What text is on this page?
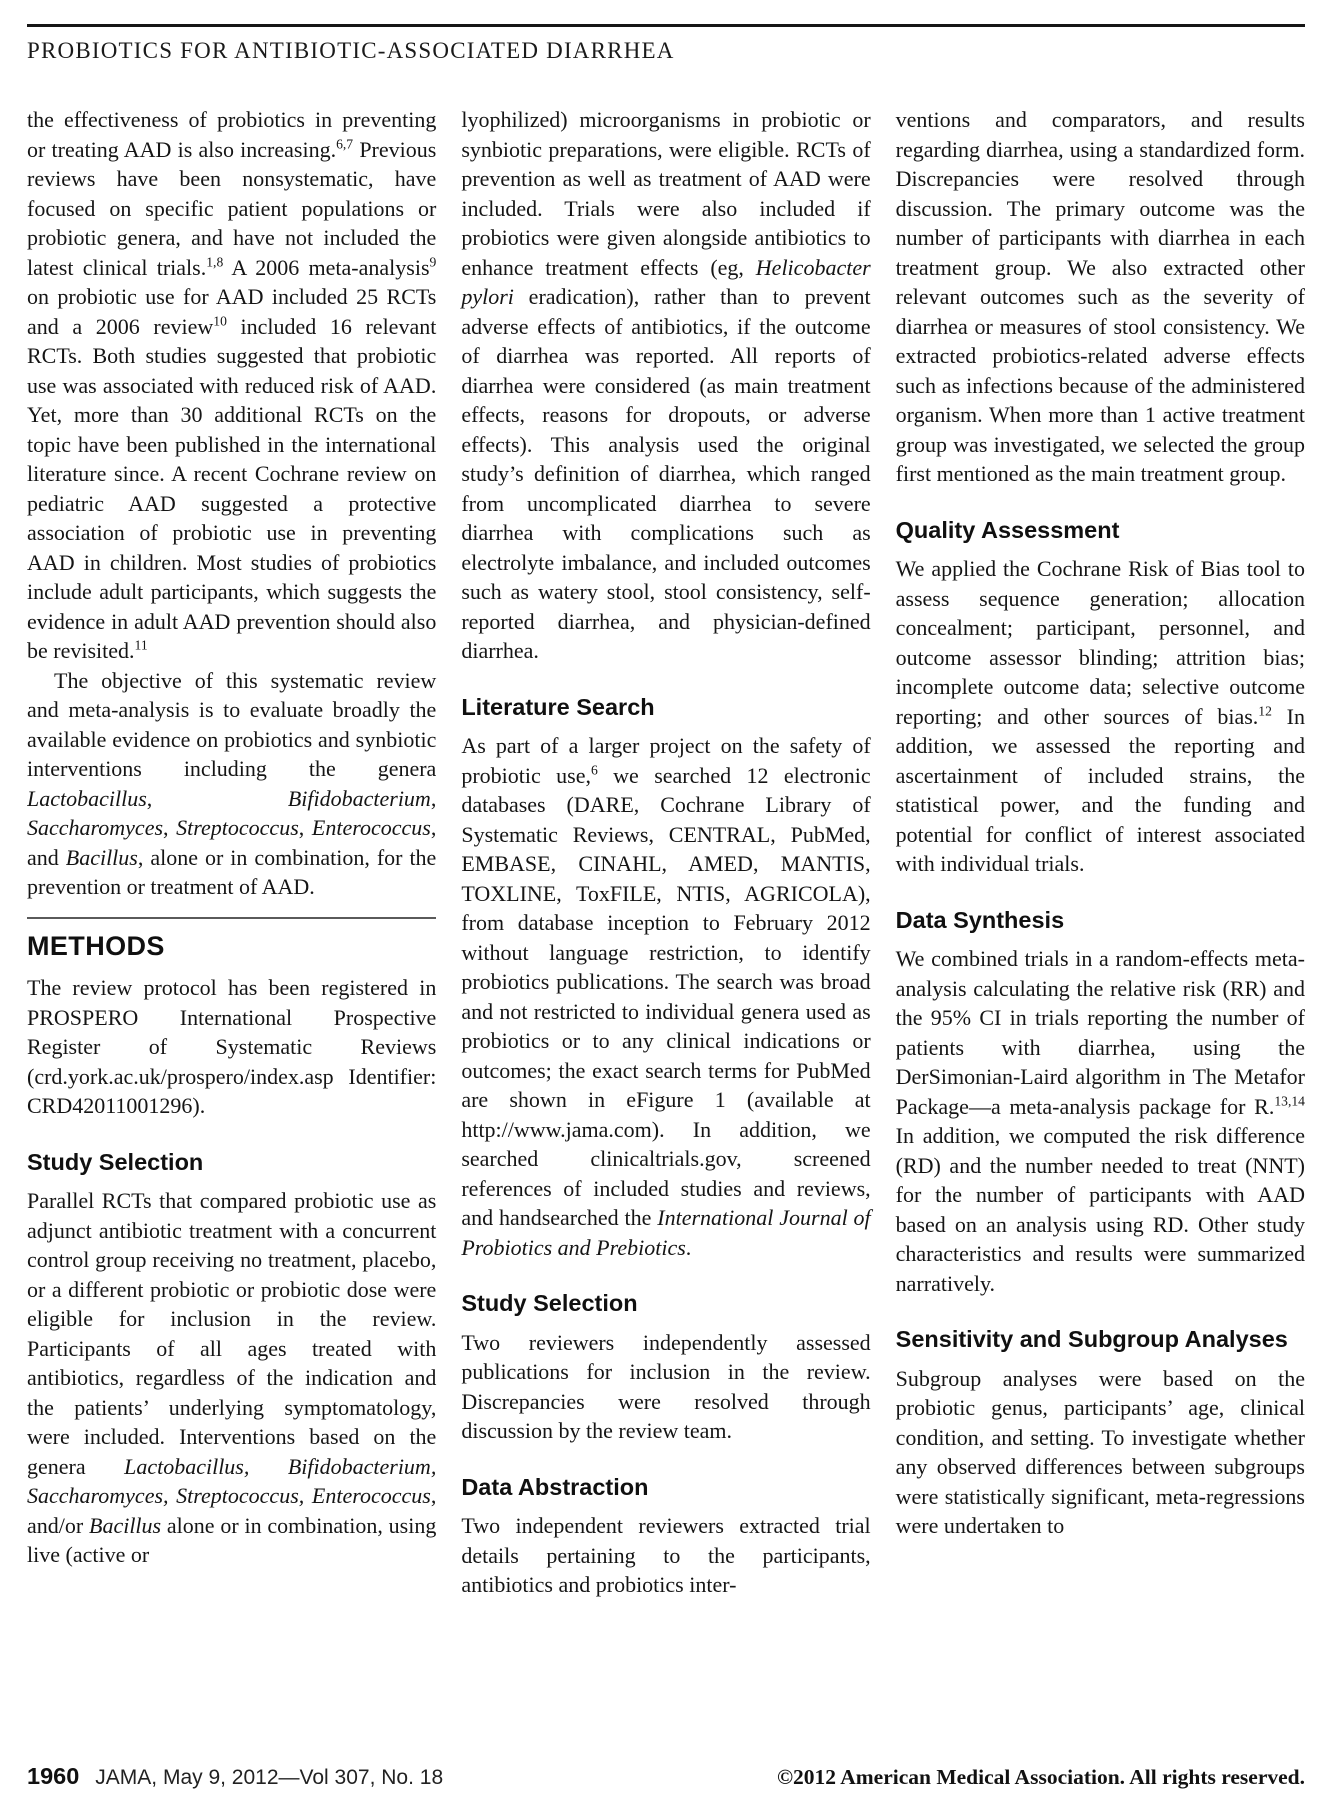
PROBIOTICS FOR ANTIBIOTIC-ASSOCIATED DIARRHEA

the effectiveness of probiotics in preventing or treating AAD is also increasing.$^{6,7}$ Previous reviews have been nonsystematic, have focused on specific patient populations or probiotic genera, and have not included the latest clinical trials.$^{1,8}$ A 2006 meta-analysis$^9$ on probiotic use for AAD included 25 RCTs and a 2006 review$^{10}$ included 16 relevant RCTs. Both studies suggested that probiotic use was associated with reduced risk of AAD. Yet, more than 30 additional RCTs on the topic have been published in the international literature since. A recent Cochrane review on pediatric AAD suggested a protective association of probiotic use in preventing AAD in children. Most studies of probiotics include adult participants, which suggests the evidence in adult AAD prevention should also be revisited.$^{11}$

The objective of this systematic review and meta-analysis is to evaluate broadly the available evidence on probiotics and synbiotic interventions including the genera Lactobacillus, Bifidobacterium, Saccharomyces, Streptococcus, Enterococcus, and Bacillus, alone or in combination, for the prevention or treatment of AAD.

METHODS

The review protocol has been registered in PROSPERO International Prospective Register of Systematic Reviews (crd.york.ac.uk/prospero/index.asp Identifier: CRD42011001296).

Study Selection

Parallel RCTs that compared probiotic use as adjunct antibiotic treatment with a concurrent control group receiving no treatment, placebo, or a different probiotic or probiotic dose were eligible for inclusion in the review. Participants of all ages treated with antibiotics, regardless of the indication and the patients’ underlying symptomatology, were included. Interventions based on the genera Lactobacillus, Bifidobacterium, Saccharomyces, Streptococcus, Enterococcus, and/or Bacillus alone or in combination, using live (active or

lyophilized) microorganisms in probiotic or synbiotic preparations, were eligible. RCTs of prevention as well as treatment of AAD were included. Trials were also included if probiotics were given alongside antibiotics to enhance treatment effects (eg, Helicobacter pylori eradication), rather than to prevent adverse effects of antibiotics, if the outcome of diarrhea was reported. All reports of diarrhea were considered (as main treatment effects, reasons for dropouts, or adverse effects). This analysis used the original study’s definition of diarrhea, which ranged from uncomplicated diarrhea to severe diarrhea with complications such as electrolyte imbalance, and included outcomes such as watery stool, stool consistency, self-reported diarrhea, and physician-defined diarrhea.

Literature Search

As part of a larger project on the safety of probiotic use,$^6$ we searched 12 electronic databases (DARE, Cochrane Library of Systematic Reviews, CENTRAL, PubMed, EMBASE, CINAHL, AMED, MANTIS, TOXLINE, ToxFILE, NTIS, AGRICOLA), from database inception to February 2012 without language restriction, to identify probiotics publications. The search was broad and not restricted to individual genera used as probiotics or to any clinical indications or outcomes; the exact search terms for PubMed are shown in eFigure 1 (available at http://www.jama.com). In addition, we searched clinicaltrials.gov, screened references of included studies and reviews, and handsearched the International Journal of Probiotics and Prebiotics.

Study Selection

Two reviewers independently assessed publications for inclusion in the review. Discrepancies were resolved through discussion by the review team.

Data Abstraction

Two independent reviewers extracted trial details pertaining to the participants, antibiotics and probiotics inter-

ventions and comparators, and results regarding diarrhea, using a standardized form. Discrepancies were resolved through discussion. The primary outcome was the number of participants with diarrhea in each treatment group. We also extracted other relevant outcomes such as the severity of diarrhea or measures of stool consistency. We extracted probiotics-related adverse effects such as infections because of the administered organism. When more than 1 active treatment group was investigated, we selected the group first mentioned as the main treatment group.

Quality Assessment

We applied the Cochrane Risk of Bias tool to assess sequence generation; allocation concealment; participant, personnel, and outcome assessor blinding; attrition bias; incomplete outcome data; selective outcome reporting; and other sources of bias.$^{12}$ In addition, we assessed the reporting and ascertainment of included strains, the statistical power, and the funding and potential for conflict of interest associated with individual trials.

Data Synthesis

We combined trials in a random-effects meta-analysis calculating the relative risk (RR) and the 95% CI in trials reporting the number of patients with diarrhea, using the DerSimonian-Laird algorithm in The Metafor Package—a meta-analysis package for R.$^{13,14}$ In addition, we computed the risk difference (RD) and the number needed to treat (NNT) for the number of participants with AAD based on an analysis using RD. Other study characteristics and results were summarized narratively.

Sensitivity and Subgroup Analyses

Subgroup analyses were based on the probiotic genus, participants’ age, clinical condition, and setting. To investigate whether any observed differences between subgroups were statistically significant, meta-regressions were undertaken to

1960 JAMA, May 9, 2012—Vol 307, No. 18	©2012 American Medical Association. All rights reserved.
